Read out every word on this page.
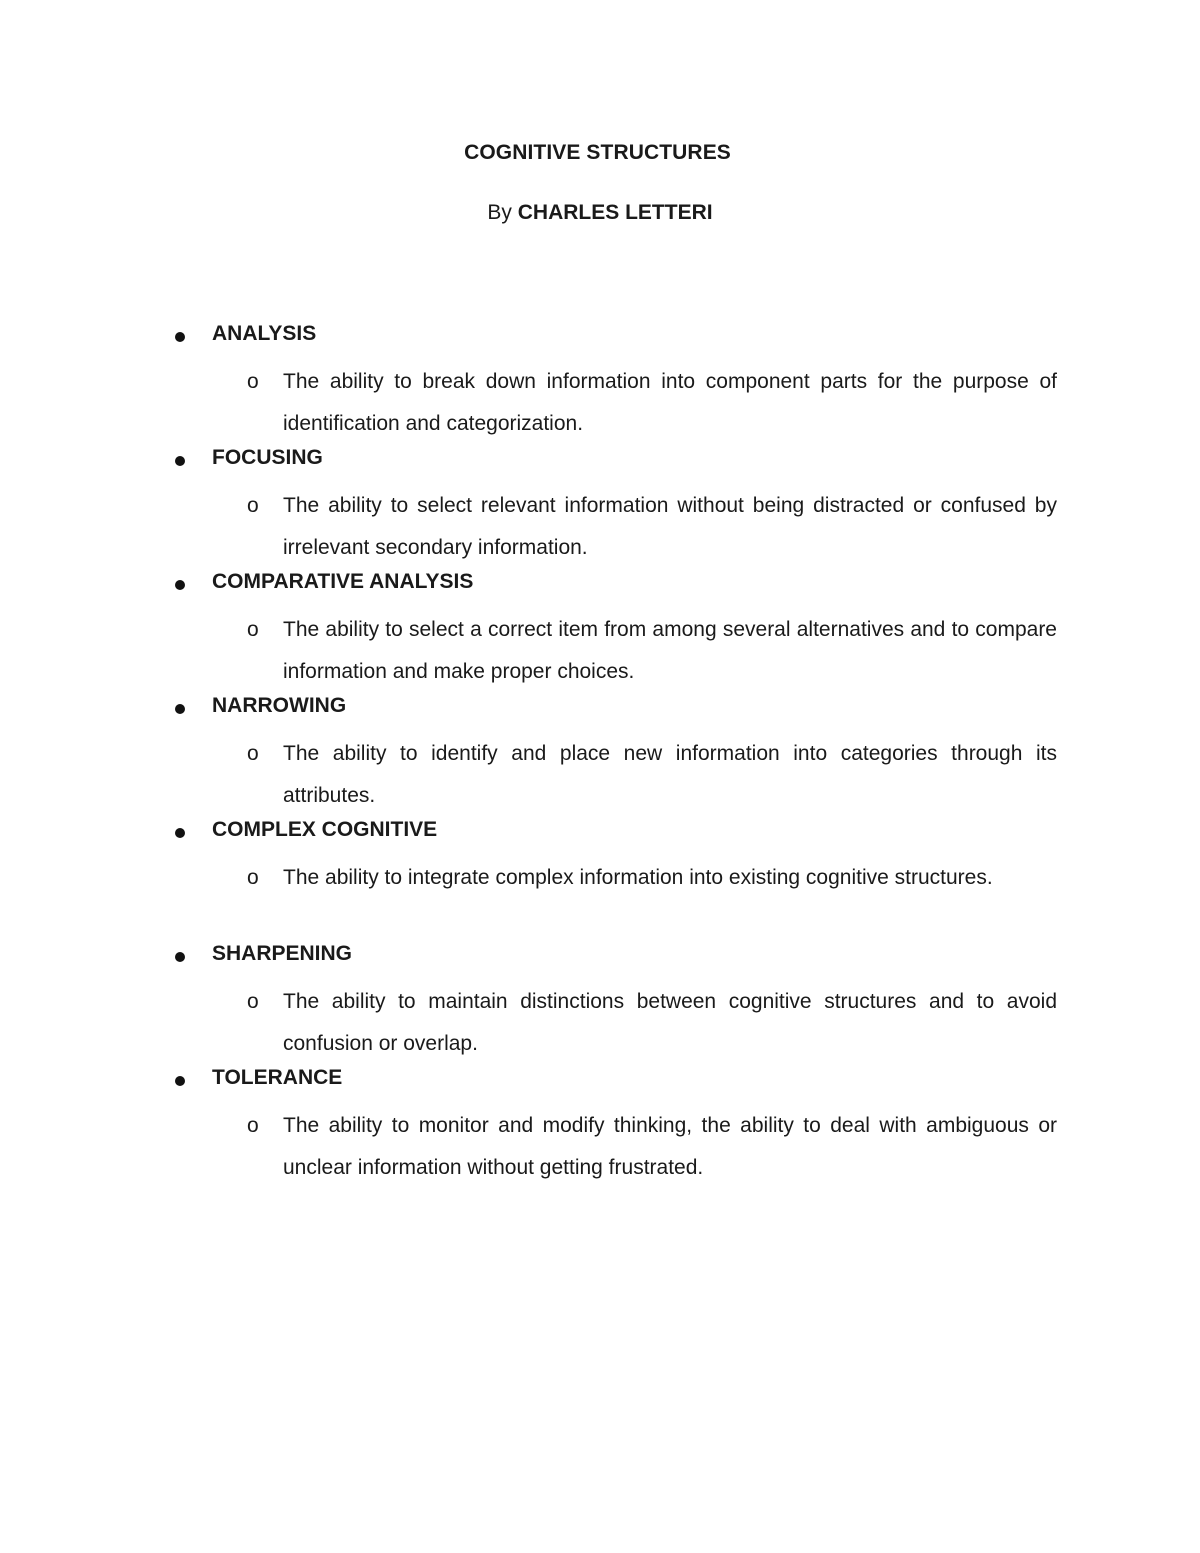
COGNITIVE STRUCTURES
By CHARLES LETTERI
ANALYSIS
o The ability to break down information into component parts for the purpose of identification and categorization.

FOCUSING
o The ability to select relevant information without being distracted or confused by irrelevant secondary information.

COMPARATIVE ANALYSIS
o The ability to select a correct item from among several alternatives and to compare information and make proper choices.

NARROWING
o The ability to identify and place new information into categories through its attributes.

COMPLEX COGNITIVE
o The ability to integrate complex information into existing cognitive structures.

SHARPENING
o The ability to maintain distinctions between cognitive structures and to avoid confusion or overlap.

TOLERANCE
o The ability to monitor and modify thinking, the ability to deal with ambiguous or unclear information without getting frustrated.
